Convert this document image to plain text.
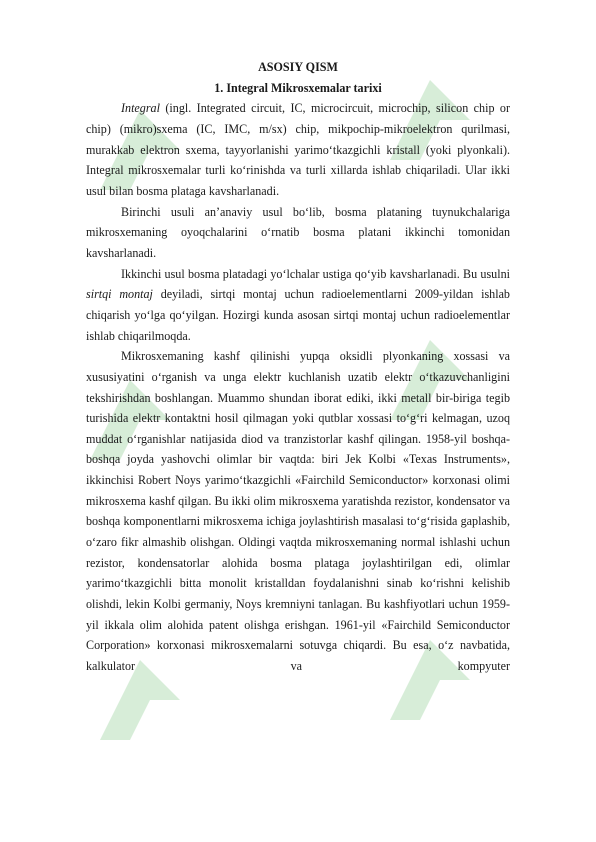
ASOSIY QISM

1. Integral Mikrosxemalar tarixi

Integral (ingl. Integrated circuit, IC, microcircuit, microchip, silicon chip or chip) (mikro)sxema (IC, IMC, m/sx) chip, mikpochip-mikroelektron qurilmasi, murakkab elektron sxema, tayyorlanishi yarimo‘tkazgichli kristall (yoki plyonkali). Integral mikrosxemalar turli ko‘rinishda va turli xillarda ishlab chiqariladi. Ular ikki usul bilan bosma plataga kavsharlanadi.

Birinchi usuli an’anaviy usul bo‘lib, bosma plataning tuynukchalariga mikrosxemaning oyoqchalarini o‘rnatib bosma platani ikkinchi tomonidan kavsharlanadi.

Ikkinchi usul bosma platadagi yo‘lchalar ustiga qo‘yib kavsharlanadi. Bu usulni sirtqi montaj deyiladi, sirtqi montaj uchun radioelementlarni 2009-yildan ishlab chiqarish yo‘lga qo‘yilgan. Hozirgi kunda asosan sirtqi montaj uchun radioelementlar ishlab chiqarilmoqda.

Mikrosxemaning kashf qilinishi yupqa oksidli plyonkaning xossasi va xususiyatini o‘rganish va unga elektr kuchlanish uzatib elektr o‘tkazuvchanligini tekshirishdan boshlangan. Muammo shundan iborat ediki, ikki metall bir-biriga tegib turishida elektr kontaktni hosil qilmagan yoki qutblar xossasi to‘g‘ri kelmagan, uzoq muddat o‘rganishlar natijasida diod va tranzistorlar kashf qilingan. 1958-yil boshqa-boshqa joyda yashovchi olimlar bir vaqtda: biri Jek Kolbi «Texas Instruments», ikkinchisi Robert Noys yarimo‘tkazgichli «Fairchild Semiconductor» korxonasi olimi mikrosxema kashf qilgan. Bu ikki olim mikrosxema yaratishda rezistor, kondensator va boshqa komponentlarni mikrosxema ichiga joylashtirish masalasi to‘g‘risida gaplashib, o‘zaro fikr almashib olishgan. Oldingi vaqtda mikrosxemaning normal ishlashi uchun rezistor, kondensatorlar alohida bosma plataga joylashtirilgan edi, olimlar yarimo‘tkazgichli bitta monolit kristalldan foydalanishni sinab ko‘rishni kelishib olishdi, lekin Kolbi germaniy, Noys kremniyni tanlagan. Bu kashfiyotlari uchun 1959-yil ikkala olim alohida patent olishga erishgan. 1961-yil «Fairchild Semiconductor Corporation» korxonasi mikrosxemalarni sotuvga chiqardi. Bu esa, o‘z navbatida, kalkulator va kompyuter
